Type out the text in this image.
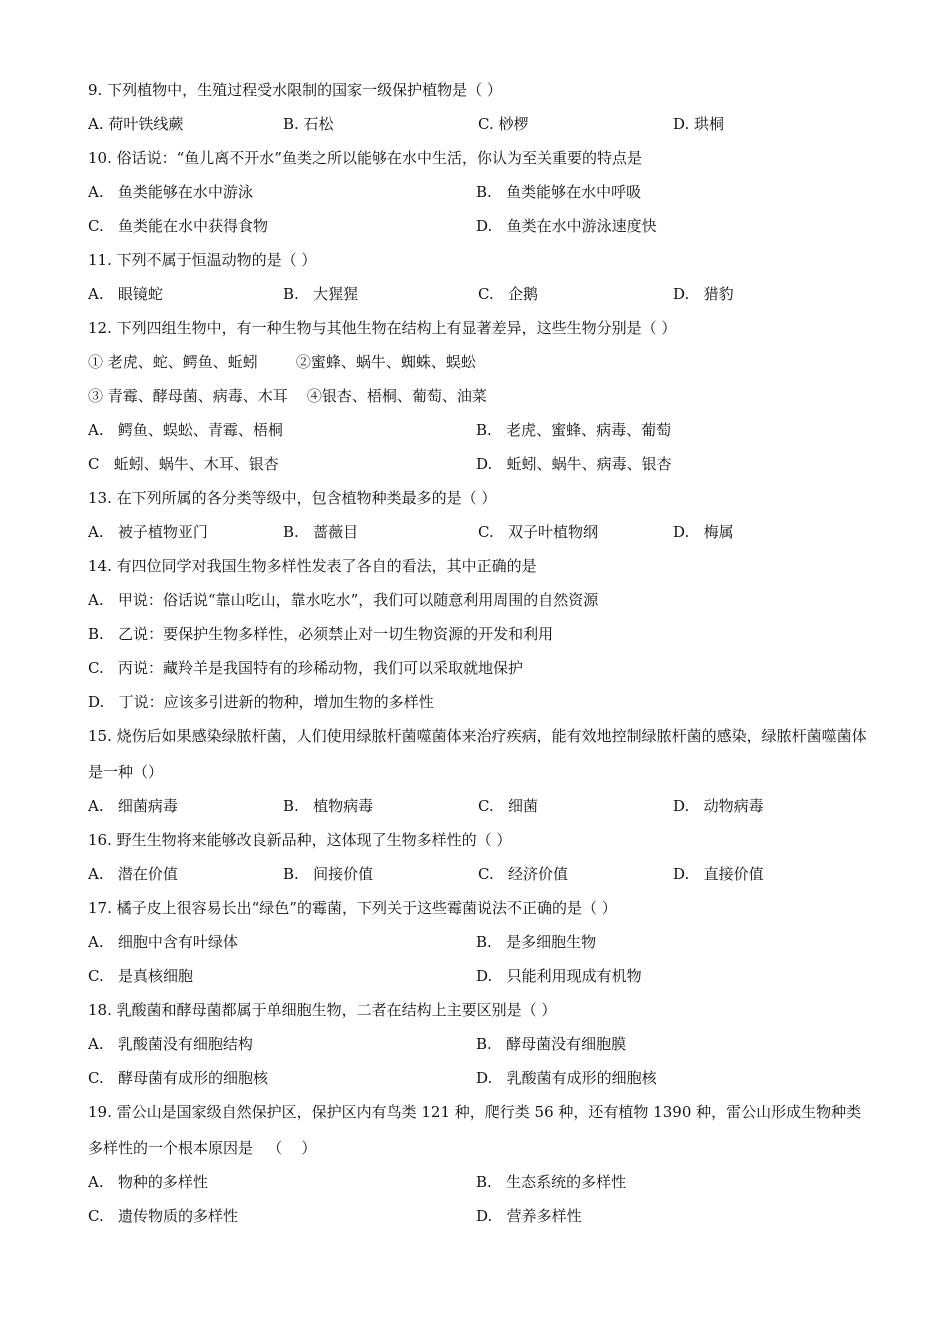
9. 下列植物中，生殖过程受水限制的国家一级保护植物是（ ）
A. 荷叶铁线蕨	B. 石松	C. 桫椤	D. 珙桐
10. 俗话说：“鱼儿离不开水”鱼类之所以能够在水中生活，你认为至关重要的特点是
A.   鱼类能够在水中游泳	B.   鱼类能够在水中呼吸
C.   鱼类能在水中获得食物	D.   鱼类在水中游泳速度快
11. 下列不属于恒温动物的是（ ）
A.   眼镜蛇	B.   大猩猩	C.   企鹅	D.   猎豹
12. 下列四组生物中，有一种生物与其他生物在结构上有显著差异，这些生物分别是（ ）
① 老虎、蛇、鳄鱼、蚯蚓        ②蜜蜂、蜗牛、蜘蛛、蜈蚣
③ 青霉、酵母菌、病毒、木耳    ④银杏、梧桐、葡萄、油菜
A.   鳄鱼、蜈蚣、青霉、梧桐	B.   老虎、蜜蜂、病毒、葡萄
C   蚯蚓、蜗牛、木耳、银杏	D.   蚯蚓、蜗牛、病毒、银杏
13. 在下列所属的各分类等级中，包含植物种类最多的是（ ）
A.   被子植物亚门	B.   蔷薇目	C.   双子叶植物纲	D.   梅属
14. 有四位同学对我国生物多样性发表了各自的看法，其中正确的是
A.   甲说：俗话说“靠山吃山，靠水吃水”，我们可以随意利用周围的自然资源
B.   乙说：要保护生物多样性，必须禁止对一切生物资源的开发和利用
C.   丙说：藏羚羊是我国特有的珍稀动物，我们可以采取就地保护
D.   丁说：应该多引进新的物种，增加生物的多样性
15. 烧伤后如果感染绿脓杆菌，人们使用绿脓杆菌噬菌体来治疗疾病，能有效地控制绿脓杆菌的感染，绿脓杆菌噬菌体是一种（）
A.   细菌病毒	B.   植物病毒	C.   细菌	D.   动物病毒
16. 野生生物将来能够改良新品种，这体现了生物多样性的（ ）
A.   潜在价值	B.   间接价值	C.   经济价值	D.   直接价值
17. 橘子皮上很容易长出“绿色”的霉菌，下列关于这些霉菌说法不正确的是（ ）
A.   细胞中含有叶绿体	B.   是多细胞生物
C.   是真核细胞	D.   只能利用现成有机物
18. 乳酸菌和酵母菌都属于单细胞生物，二者在结构上主要区别是（ ）
A.   乳酸菌没有细胞结构	B.   酵母菌没有细胞膜
C.   酵母菌有成形的细胞核	D.   乳酸菌有成形的细胞核
19. 雷公山是国家级自然保护区，保护区内有鸟类 121 种，爬行类 56 种，还有植物 1390 种，雷公山形成生物种类多样性的一个根本原因是   （    ）
A.   物种的多样性	B.   生态系统的多样性
C.   遗传物质的多样性	D.   营养多样性
